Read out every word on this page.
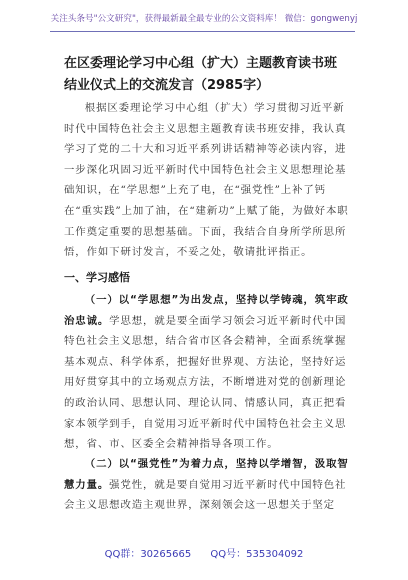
关注头条号"公文研究"，获得最新最全最专业的公文资料库！ 微信：gongwenyj
在区委理论学习中心组（扩大）主题教育读书班结业仪式上的交流发言（2985字）

根据区委理论学习中心组（扩大）学习贯彻习近平新时代中国特色社会主义思想主题教育读书班安排，我认真学习了党的二十大和习近平系列讲话精神等必读内容，进一步深化巩固习近平新时代中国特色社会主义思想理论基础知识，在“学思想”上充了电，在“强党性”上补了钙在“重实践”上加了油，在“建新功”上赋了能，为做好本职工作奠定重要的思想基础。下面，我结合自身所学所思所悟，作如下研讨发言，不妥之处，敬请批评指正。

一、学习感悟

（一）以“学思想”为出发点，坚持以学铸魂，筑牢政治忠诚。学思想，就是要全面学习领会习近平新时代中国特色社会主义思想，结合省市区各会精神，全面系统掌握基本观点、科学体系，把握好世界观、方法论，坚持好运用好贯穿其中的立场观点方法，不断增进对党的创新理论的政治认同、思想认同、理论认同、情感认同，真正把看家本领学到手，自觉用习近平新时代中国特色社会主义思想，省、市、区委全会精神指导各项工作。

（二）以“强党性”为着力点，坚持以学增智，汲取智慧力量。强党性，就是要自觉用习近平新时代中国特色社会主义思想改造主观世界，深刻领会这一思想关于坚定

QQ群：30265665 QQ号：535304092
